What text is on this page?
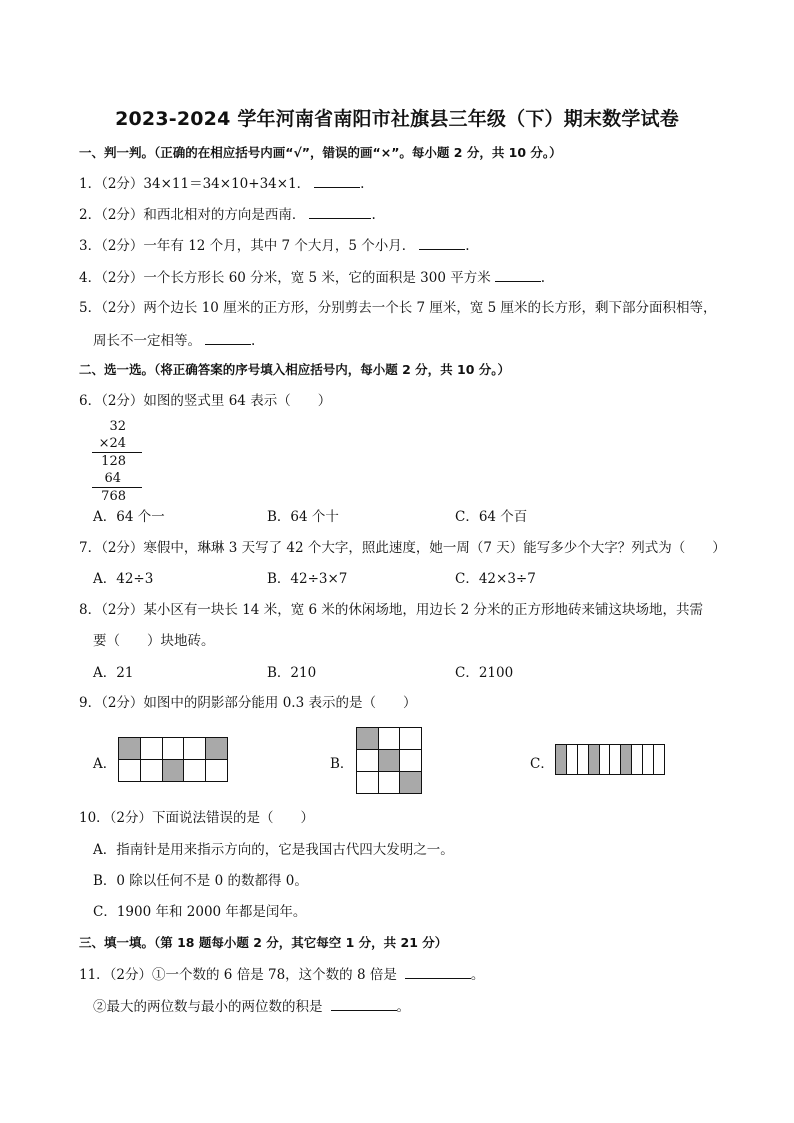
2023-2024 学年河南省南阳市社旗县三年级（下）期末数学试卷
一、判一判。（正确的在相应括号内画“√”，错误的画“×”。每小题 2 分，共 10 分。）
1．（2分）34×11＝34×10+34×1．	.
2．（2分）和西北相对的方向是西南．	.
3．（2分）一年有 12 个月，其中 7 个大月，5 个小月．	.
4．（2分）一个长方形长 60 分米，宽 5 米，它的面积是 300 平方米	.
5．（2分）两个边长 10 厘米的正方形，分别剪去一个长 7 厘米，宽 5 厘米的长方形，剩下部分面积相等，
周长不一定相等。	.
二、选一选。（将正确答案的序号填入相应括号内，每小题 2 分，共 10 分。）
6．（2分）如图的竖式里 64 表示（　　）
32
×24
128
64
768
A．64 个一	B．64 个十	C．64 个百
7．（2分）寒假中，琳琳 3 天写了 42 个大字，照此速度，她一周（7 天）能写多少个大字？列式为（　　）
A．42÷3	B．42÷3×7	C．42×3÷7
8．（2分）某小区有一块长 14 米，宽 6 米的休闲场地，用边长 2 分米的正方形地砖来铺这块场地，共需
要（　　）块地砖。
A．21	B．210	C．2100
9．（2分）如图中的阴影部分能用 0.3 表示的是（　　）
A．

					B．

			C．

10．（2分）下面说法错误的是（　　）
A．指南针是用来指示方向的，它是我国古代四大发明之一。
B．0 除以任何不是 0 的数都得 0。
C．1900 年和 2000 年都是闰年。
三、填一填。（第 18 题每小题 2 分，其它每空 1 分，共 21 分）
11．（2分）①一个数的 6 倍是 78，这个数的 8 倍是	。
②最大的两位数与最小的两位数的积是	。
